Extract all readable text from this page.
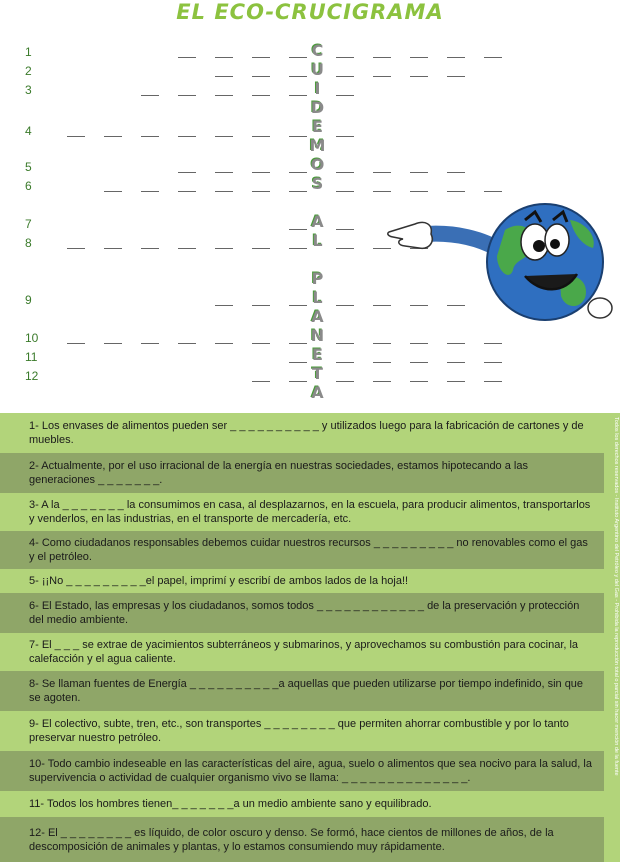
EL ECO-CRUCIGRAMA
1
2
3
4
5
6
7
8
9
10
11
12
C
U
I
D
E
M
O
S
A
L
P
L
A
N
E
T
A
1- Los envases de alimentos pueden ser _ _ _ _ _ _ _ _ _ _ y utilizados luego para la fabricación de cartones y de muebles.
2- Actualmente, por el uso irracional de la energía en nuestras sociedades, estamos hipotecando a las generaciones _ _ _ _ _ _ _.
3- A la _ _ _ _ _ _ _ la consumimos en casa, al desplazarnos, en la escuela, para producir alimentos, transportarlos y venderlos, en las industrias, en el transporte de mercadería, etc.
4- Como ciudadanos responsables debemos cuidar nuestros recursos _ _ _ _ _ _ _ _ _ no renovables como el gas y el petróleo.
5- ¡¡No _ _ _ _ _ _ _ _ _el papel, imprimí y escribí de ambos lados de la hoja!!
6- El Estado, las empresas y los ciudadanos, somos todos _ _ _ _ _ _ _ _ _ _ _ _ de la preservación y protección del medio ambiente.
7- El _ _ _ se extrae de yacimientos subterráneos y submarinos, y aprovechamos su combustión para cocinar, la calefacción y el agua caliente.
8- Se llaman fuentes de Energía _ _ _ _ _ _ _ _ _ _a aquellas que pueden utilizarse por tiempo indefinido, sin que se agoten.
9- El colectivo, subte, tren, etc., son transportes _ _ _ _ _ _ _ _ que permiten ahorrar combustible y por lo tanto preservar nuestro petróleo.
10- Todo cambio indeseable en las características del aire, agua, suelo o alimentos que sea nocivo para la salud, la supervivencia o actividad de cualquier organismo vivo se llama: _ _ _ _ _ _ _ _ _ _ _ _ _ _.
11- Todos los hombres tienen_ _ _ _ _ _ _a un medio ambiente sano y equilibrado.
12- El _ _ _ _ _ _ _ _ es líquido, de color oscuro y denso. Se formó, hace cientos de millones de años, de la descomposición de animales y plantas, y lo estamos consumiendo muy rápidamente.
Todos los derechos reservados - Instituto Argentino del Petróleo y del Gas - Prohibida la reproducción total o parcial sin hacer mención de la fuente
